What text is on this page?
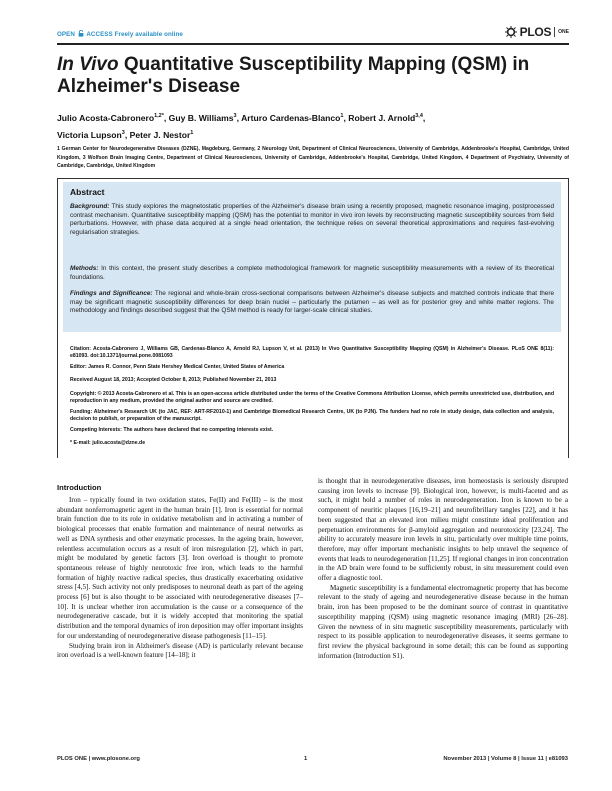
OPEN ACCESS Freely available online	PLOS ONE
In Vivo Quantitative Susceptibility Mapping (QSM) in Alzheimer's Disease
Julio Acosta-Cabronero$^{1,2*}$, Guy B. Williams$^3$, Arturo Cardenas-Blanco$^1$, Robert J. Arnold$^{3,4}$,
Victoria Lupson$^3$, Peter J. Nestor$^1$
1 German Center for Neurodegenerative Diseases (DZNE), Magdeburg, Germany, 2 Neurology Unit, Department of Clinical Neurosciences, University of Cambridge, Addenbrooke's Hospital, Cambridge, United Kingdom, 3 Wolfson Brain Imaging Centre, Department of Clinical Neurosciences, University of Cambridge, Addenbrooke's Hospital, Cambridge, United Kingdom, 4 Department of Psychiatry, University of Cambridge, Cambridge, United Kingdom
Abstract
Background: This study explores the magnetostatic properties of the Alzheimer's disease brain using a recently proposed, magnetic resonance imaging, postprocessed contrast mechanism. Quantitative susceptibility mapping (QSM) has the potential to monitor in vivo iron levels by reconstructing magnetic susceptibility sources from field perturbations. However, with phase data acquired at a single head orientation, the technique relies on several theoretical approximations and requires fast-evolving regularisation strategies.
Methods: In this context, the present study describes a complete methodological framework for magnetic susceptibility measurements with a review of its theoretical foundations.
Findings and Significance: The regional and whole-brain cross-sectional comparisons between Alzheimer's disease subjects and matched controls indicate that there may be significant magnetic susceptibility differences for deep brain nuclei – particularly the putamen – as well as for posterior grey and white matter regions. The methodology and findings described suggest that the QSM method is ready for larger-scale clinical studies.
Citation: Acosta-Cabronero J, Williams GB, Cardenas-Blanco A, Arnold RJ, Lupson V, et al. (2013) In Vivo Quantitative Susceptibility Mapping (QSM) in Alzheimer's Disease. PLoS ONE 8(11): e81093. doi:10.1371/journal.pone.0081093
Editor: James R. Connor, Penn State Hershey Medical Center, United States of America
Received August 18, 2013; Accepted October 8, 2013; Published November 21, 2013
Copyright: © 2013 Acosta-Cabronero et al. This is an open-access article distributed under the terms of the Creative Commons Attribution License, which permits unrestricted use, distribution, and reproduction in any medium, provided the original author and source are credited.
Funding: Alzheimer's Research UK (to JAC, REF: ART-RF2010-1) and Cambridge Biomedical Research Centre, UK (to PJN). The funders had no role in study design, data collection and analysis, decision to publish, or preparation of the manuscript.
Competing Interests: The authors have declared that no competing interests exist.
* E-mail: julio.acosta@dzne.de
Introduction

Iron – typically found in two oxidation states, Fe(II) and Fe(III) – is the most abundant nonferromagnetic agent in the human brain [1]. Iron is essential for normal brain function due to its role in oxidative metabolism and in activating a number of biological processes that enable formation and maintenance of neural networks as well as DNA synthesis and other enzymatic processes. In the ageing brain, however, relentless accumulation occurs as a result of iron misregulation [2], which in part, might be modulated by genetic factors [3]. Iron overload is thought to promote spontaneous release of highly neurotoxic free iron, which leads to the harmful formation of highly reactive radical species, thus drastically exacerbating oxidative stress [4,5]. Such activity not only predisposes to neuronal death as part of the ageing process [6] but is also thought to be associated with neurodegenerative diseases [7–10]. It is unclear whether iron accumulation is the cause or a consequence of the neurodegenerative cascade, but it is widely accepted that monitoring the spatial distribution and the temporal dynamics of iron deposition may offer important insights for our understanding of neurodegenerative disease pathogenesis [11–15].

Studying brain iron in Alzheimer's disease (AD) is particularly relevant because iron overload is a well-known feature [14–18]; it

is thought that in neurodegenerative diseases, iron homeostasis is seriously disrupted causing iron levels to increase [9]. Biological iron, however, is multi-faceted and as such, it might hold a number of roles in neurodegeneration. Iron is known to be a component of neuritic plaques [16,19–21] and neurofibrillary tangles [22], and it has been suggested that an elevated iron milieu might constitute ideal proliferation and perpetuation environments for β-amyloid aggregation and neurotoxicity [23,24]. The ability to accurately measure iron levels in situ, particularly over multiple time points, therefore, may offer important mechanistic insights to help unravel the sequence of events that leads to neurodegeneration [11,25]. If regional changes in iron concentration in the AD brain were found to be sufficiently robust, in situ measurement could even offer a diagnostic tool.

Magnetic susceptibility is a fundamental electromagnetic property that has become relevant to the study of ageing and neurodegenerative disease because in the human brain, iron has been proposed to be the dominant source of contrast in quantitative susceptibility mapping (QSM) using magnetic resonance imaging (MRI) [26–28]. Given the newness of in situ magnetic susceptibility measurements, particularly with respect to its possible application to neurodegenerative diseases, it seems germane to first review the physical background in some detail; this can be found as supporting information (Introduction S1).

PLOS ONE | www.plosone.org	1	November 2013 | Volume 8 | Issue 11 | e81093
